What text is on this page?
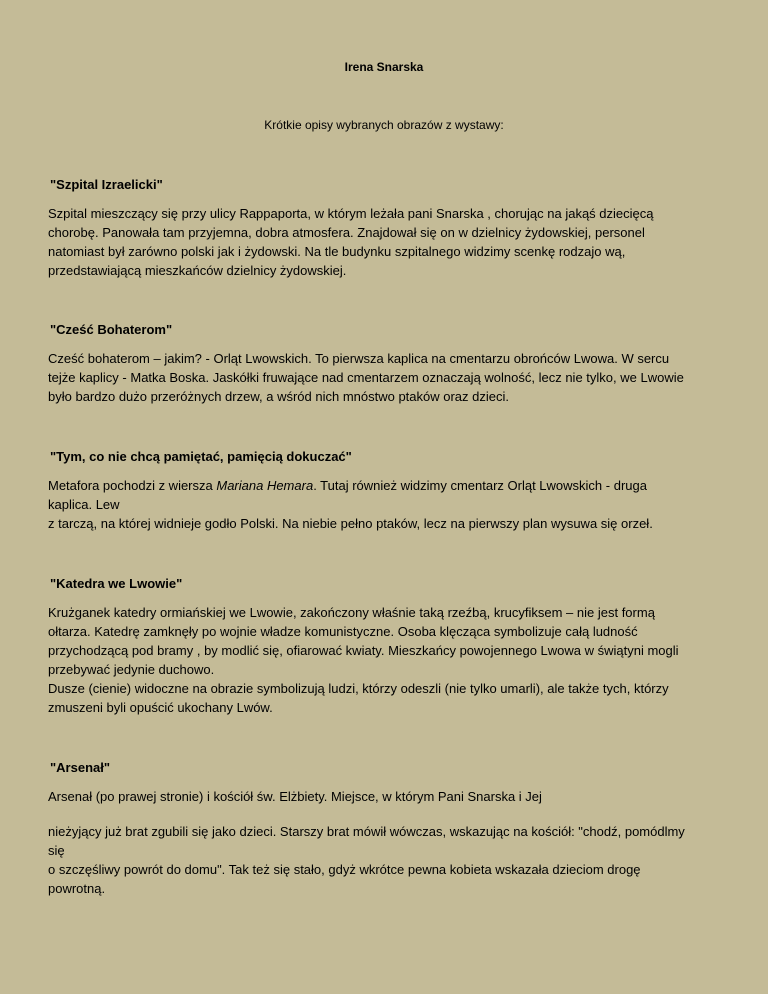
Irena Snarska
Krótkie opisy wybranych obrazów z wystawy:
"Szpital Izraelicki"
Szpital mieszczący się przy ulicy Rappaporta, w którym leżała pani Snarska , chorując na jakąś dziecięcą
chorobę. Panowała tam przyjemna, dobra atmosfera. Znajdował się on w dzielnicy żydowskiej, personel
natomiast był zarówno polski jak i żydowski. Na tle budynku szpitalnego widzimy scenkę rodzajo wą,
przedstawiającą mieszkańców dzielnicy żydowskiej.
"Cześć Bohaterom"
Cześć bohaterom – jakim? - Orląt Lwowskich. To pierwsza kaplica na cmentarzu obrońców Lwowa. W sercu
tejże kaplicy - Matka Boska. Jaskółki fruwające nad cmentarzem oznaczają wolność, lecz nie tylko, we Lwowie
było bardzo dużo przeróżnych drzew, a wśród nich mnóstwo ptaków oraz dzieci.
"Tym, co nie chcą pamiętać, pamięcią dokuczać"
Metafora pochodzi z wiersza Mariana Hemara. Tutaj również widzimy cmentarz Orląt Lwowskich - druga
kaplica. Lew
z tarczą, na której widnieje godło Polski. Na niebie pełno ptaków, lecz na pierwszy plan wysuwa się orzeł.
"Katedra we Lwowie"
Krużganek katedry ormiańskiej we Lwowie, zakończony właśnie taką rzeźbą, krucyfiksem – nie jest formą
ołtarza. Katedrę zamknęły po wojnie władze komunistyczne. Osoba klęcząca symbolizuje całą ludność
przychodzącą pod bramy , by modlić się, ofiarować kwiaty. Mieszkańcy powojennego Lwowa w świątyni mogli
przebywać jedynie duchowo.
Dusze (cienie) widoczne na obrazie symbolizują ludzi, którzy odeszli (nie tylko umarli), ale także tych, którzy
zmuszeni byli opuścić ukochany Lwów.
"Arsenał"
Arsenał (po prawej stronie) i kościół św. Elżbiety. Miejsce, w którym Pani Snarska i Jej
nieżyjący już brat zgubili się jako dzieci. Starszy brat mówił wówczas, wskazując na kościół: "chodź, pomódlmy
się
o szczęśliwy powrót do domu". Tak też się stało, gdyż wkrótce pewna kobieta wskazała dzieciom drogę
powrotną.
